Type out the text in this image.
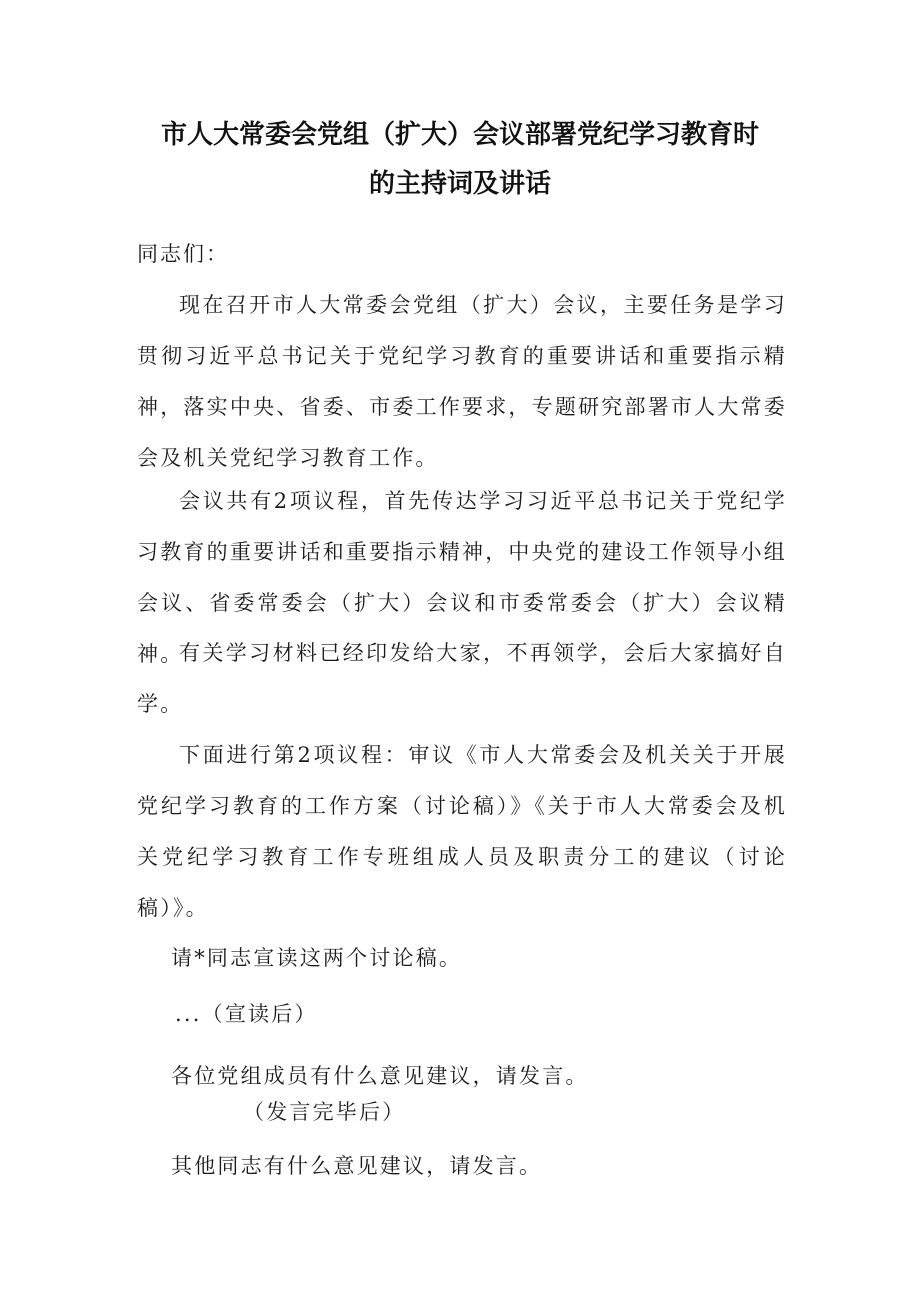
市人大常委会党组（扩大）会议部署党纪学习教育时
的主持词及讲话
同志们：

现在召开市人大常委会党组（扩大）会议，主要任务是学习贯彻习近平总书记关于党纪学习教育的重要讲话和重要指示精神，落实中央、省委、市委工作要求，专题研究部署市人大常委会及机关党纪学习教育工作。

会议共有2项议程，首先传达学习习近平总书记关于党纪学习教育的重要讲话和重要指示精神，中央党的建设工作领导小组会议、省委常委会（扩大）会议和市委常委会（扩大）会议精神。

有关学习材料已经印发给大家，不再领学，会后大家搞好自学。

下面进行第2项议程：审议《市人大常委会及机关关于开展党纪学习教育的工作方案（讨论稿）》《关于市人大常委会及机关党纪学习教育工作专班组成人员及职责分工的建议（讨论稿）》。

请*同志宣读这两个讨论稿。
...（宣读后）
各位党组成员有什么意见建议，请发言。
（发言完毕后）
其他同志有什么意见建议，请发言。
